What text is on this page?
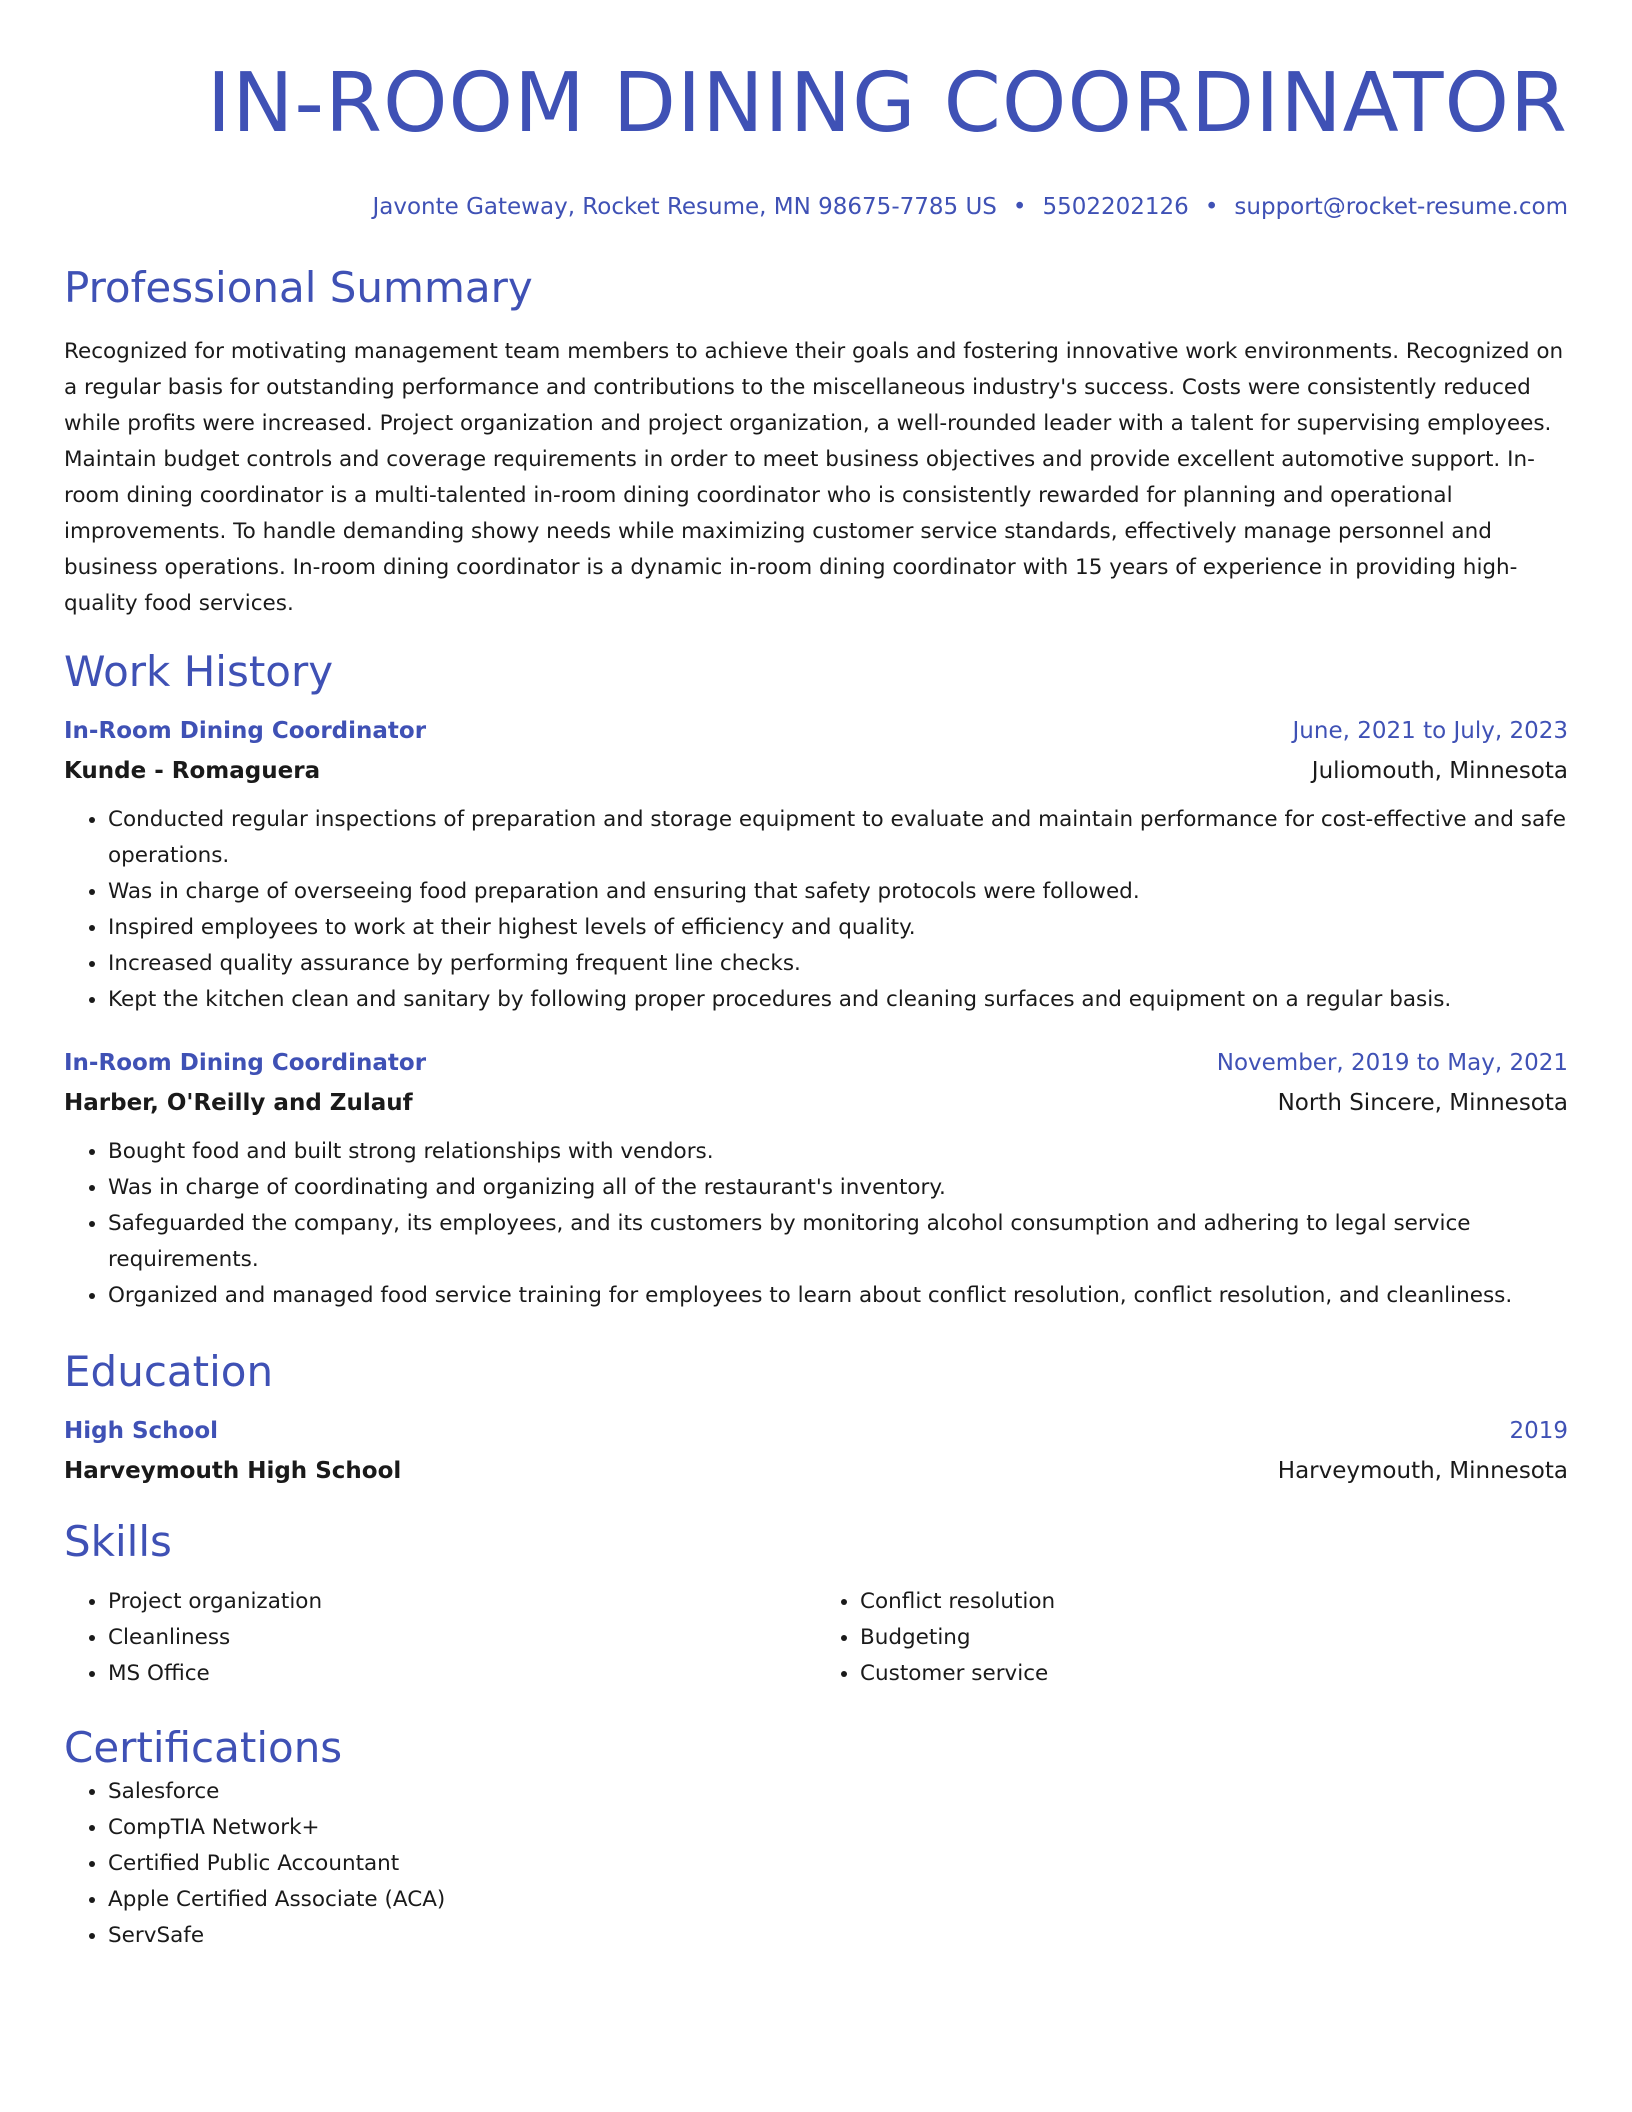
IN-ROOM DINING COORDINATOR
Javonte Gateway, Rocket Resume, MN 98675-7785 US • 5502202126 • support@rocket-resume.com
Professional Summary
Recognized for motivating management team members to achieve their goals and fostering innovative work environments. Recognized on a regular basis for outstanding performance and contributions to the miscellaneous industry's success. Costs were consistently reduced while profits were increased. Project organization and project organization, a well-rounded leader with a talent for supervising employees. Maintain budget controls and coverage requirements in order to meet business objectives and provide excellent automotive support. In-room dining coordinator is a multi-talented in-room dining coordinator who is consistently rewarded for planning and operational improvements. To handle demanding showy needs while maximizing customer service standards, effectively manage personnel and business operations. In-room dining coordinator is a dynamic in-room dining coordinator with 15 years of experience in providing high-quality food services.
Work History
In-Room Dining Coordinator	June, 2021 to July, 2023
Kunde - Romaguera	Juliomouth, Minnesota
• Conducted regular inspections of preparation and storage equipment to evaluate and maintain performance for cost-effective and safe operations.
• Was in charge of overseeing food preparation and ensuring that safety protocols were followed.
• Inspired employees to work at their highest levels of efficiency and quality.
• Increased quality assurance by performing frequent line checks.
• Kept the kitchen clean and sanitary by following proper procedures and cleaning surfaces and equipment on a regular basis.
In-Room Dining Coordinator	November, 2019 to May, 2021
Harber, O'Reilly and Zulauf	North Sincere, Minnesota
• Bought food and built strong relationships with vendors.
• Was in charge of coordinating and organizing all of the restaurant's inventory.
• Safeguarded the company, its employees, and its customers by monitoring alcohol consumption and adhering to legal service requirements.
• Organized and managed food service training for employees to learn about conflict resolution, conflict resolution, and cleanliness.
Education
High School	2019
Harveymouth High School	Harveymouth, Minnesota
Skills
• Project organization
• Cleanliness
• MS Office
• Conflict resolution
• Budgeting
• Customer service
Certifications
• Salesforce
• CompTIA Network+
• Certified Public Accountant
• Apple Certified Associate (ACA)
• ServSafe
